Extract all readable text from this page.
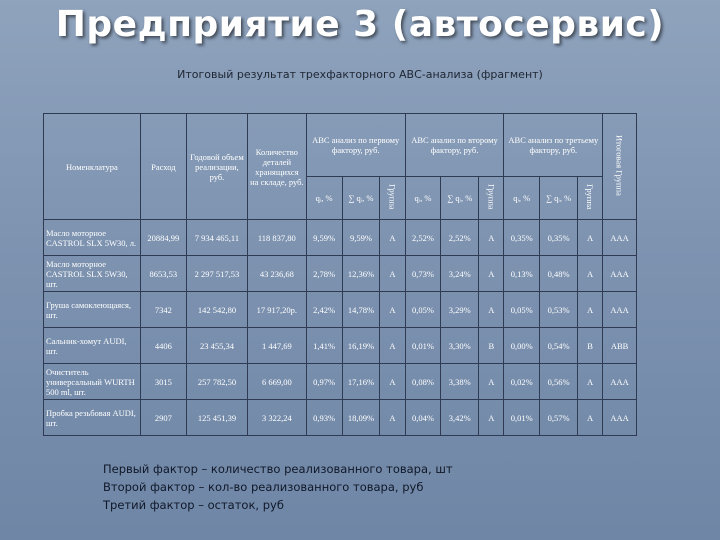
Предприятие 3 (автосервис)
Итоговый результат трехфакторного АВС-анализа (фрагмент)
Номенклатура	Расход	Годовой объем реализации, руб.	Количество деталей хранящихся на складе, руб.	АВС анализ по первому фактору, руб.			АВС анализ по второму фактору, руб.			АВС анализ по третьему фактору, руб.			Итоговая Группа
				qᵢ, %	∑ qᵢ, %	Группа	qᵢ, %	∑ qᵢ, %	Группа	qᵢ, %	∑ qᵢ, %	Группа	
Масло моторное CASTROL SLX 5W30, л.	20884,99	7 934 465,11	118 837,80	9,59%	9,59%	A	2,52%	2,52%	A	0,35%	0,35%	A	AAA
Масло моторное CASTROL SLX 5W30, шт.	8653,53	2 297 517,53	43 236,68	2,78%	12,36%	A	0,73%	3,24%	A	0,13%	0,48%	A	AAA
Груша самоклеющаяся, шт.	7342	142 542,80	17 917,20р.	2,42%	14,78%	A	0,05%	3,29%	A	0,05%	0,53%	A	AAA
Сальник-хомут AUDI, шт.	4406	23 455,34	1 447,69	1,41%	16,19%	A	0,01%	3,30%	B	0,00%	0,54%	B	ABB
Очиститель универсальный WURTH 500 ml, шт.	3015	257 782,50	6 669,00	0,97%	17,16%	A	0,08%	3,38%	A	0,02%	0,56%	A	AAA
Пробка резьбовая AUDI, шт.	2907	125 451,39	3 322,24	0,93%	18,09%	A	0,04%	3,42%	A	0,01%	0,57%	A	AAA
Первый фактор – количество реализованного товара, шт
Второй фактор – кол-во реализованного товара, руб
Третий фактор – остаток, руб
